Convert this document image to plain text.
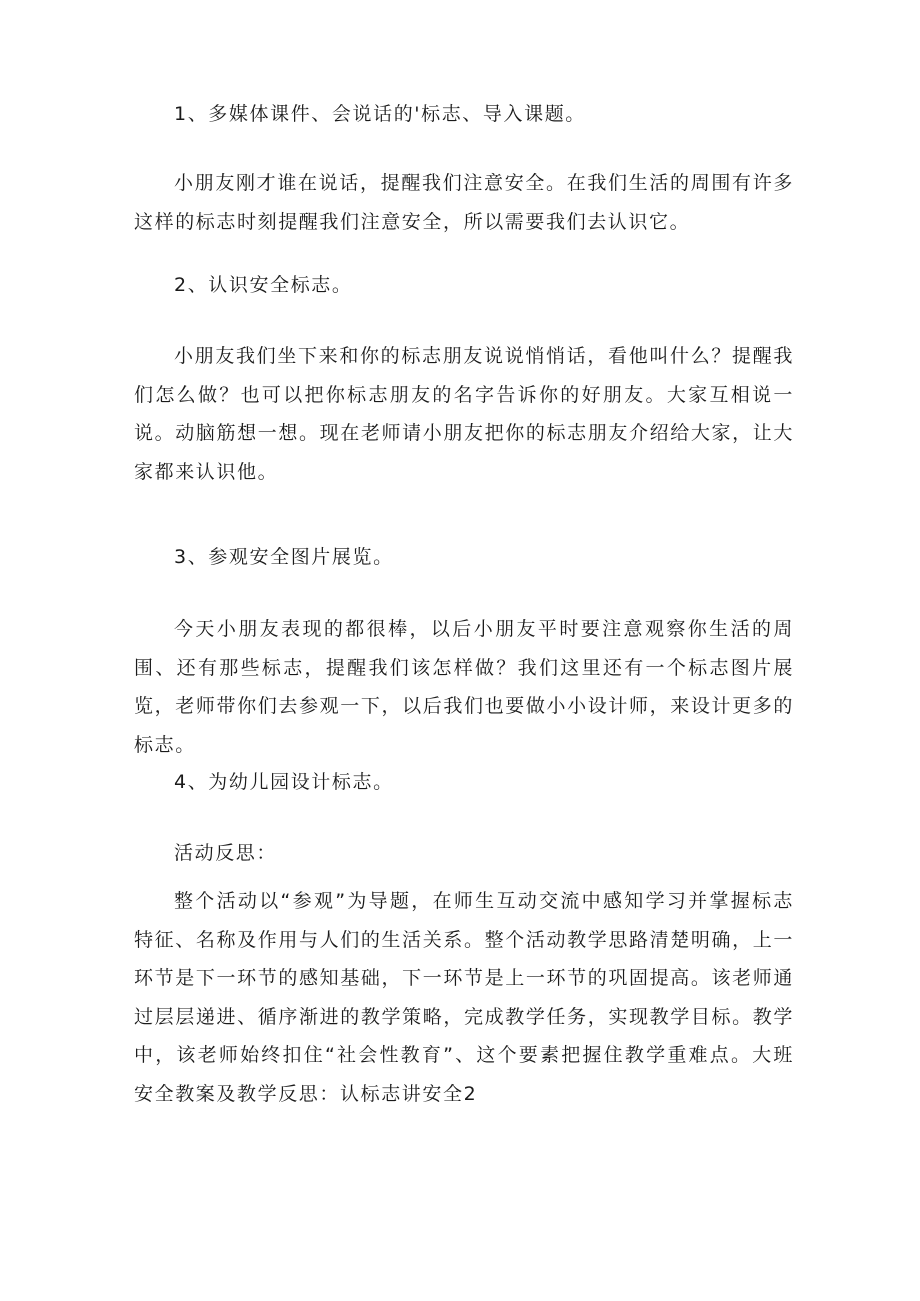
1、多媒体课件、会说话的'标志、导入课题。

小朋友刚才谁在说话，提醒我们注意安全。在我们生活的周围有许多这样的标志时刻提醒我们注意安全，所以需要我们去认识它。

2、认识安全标志。

小朋友我们坐下来和你的标志朋友说说悄悄话，看他叫什么？提醒我们怎么做？也可以把你标志朋友的名字告诉你的好朋友。大家互相说一说。动脑筋想一想。现在老师请小朋友把你的标志朋友介绍给大家，让大家都来认识他。

3、参观安全图片展览。

今天小朋友表现的都很棒，以后小朋友平时要注意观察你生活的周围、还有那些标志，提醒我们该怎样做？我们这里还有一个标志图片展览，老师带你们去参观一下，以后我们也要做小小设计师，来设计更多的标志。

4、为幼儿园设计标志。

活动反思：

整个活动以“参观”为导题，在师生互动交流中感知学习并掌握标志特征、名称及作用与人们的生活关系。整个活动教学思路清楚明确，上一环节是下一环节的感知基础，下一环节是上一环节的巩固提高。该老师通过层层递进、循序渐进的教学策略，完成教学任务，实现教学目标。教学中，该老师始终扣住“社会性教育”、这个要素把握住教学重难点。大班安全教案及教学反思：认标志讲安全2
